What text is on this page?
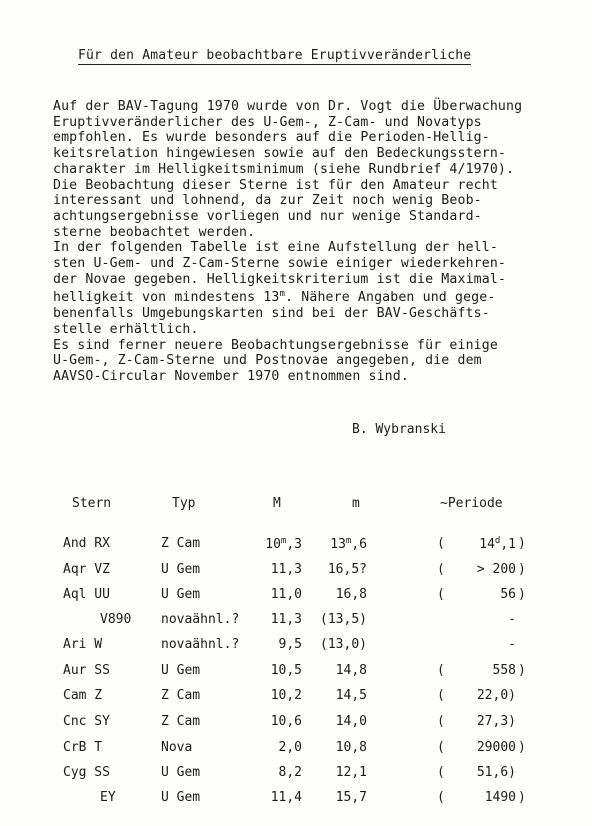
Für den Amateur beobachtbare Eruptivveränderliche
Auf der BAV-Tagung 1970 wurde von Dr. Vogt die Überwachung
Eruptivveränderlicher des U-Gem-, Z-Cam- und Novatyps
empfohlen. Es wurde besonders auf die Perioden-Hellig-
keitsrelation hingewiesen sowie auf den Bedeckungsstern-
charakter im Helligkeitsminimum (siehe Rundbrief 4/1970).
Die Beobachtung dieser Sterne ist für den Amateur recht
interessant und lohnend, da zur Zeit noch wenig Beob-
achtungsergebnisse vorliegen und nur wenige Standard-
sterne beobachtet werden.
In der folgenden Tabelle ist eine Aufstellung der hell-
sten U-Gem- und Z-Cam-Sterne sowie einiger wiederkehren-
der Novae gegeben. Helligkeitskriterium ist die Maximal-
helligkeit von mindestens 13$^m$. Nähere Angaben und gege-
benenfalls Umgebungskarten sind bei der BAV-Geschäfts-
stelle erhältlich.
Es sind ferner neuere Beobachtungsergebnisse für einige
U-Gem-, Z-Cam-Sterne und Postnovae angegeben, die dem
AAVSO-Circular November 1970 entnommen sind.
B. Wybranski
Stern	Typ	M	m	~Periode
And RX	Z Cam	10$^m$,3	13$^m$,6	(	14$^d$,1 )
Aqr VZ	U Gem	11,3	16,5?	(	> 200 )
Aql UU	U Gem	11,0	16,8	(	56 )
V890 novaähnl.?	11,3	(13,5)	-
Ari W	novaähnl.?	9,5	(13,0)	-
Aur SS	U Gem	10,5	14,8	(	558 )
Cam Z	Z Cam	10,2	14,5	(	22,0)
Cnc SY	Z Cam	10,6	14,0	(	27,3)
CrB T	Nova	2,0	10,8	(	29000 )
Cyg SS	U Gem	8,2	12,1	(	51,6)
EY	U Gem	11,4	15,7	(	1490 )
